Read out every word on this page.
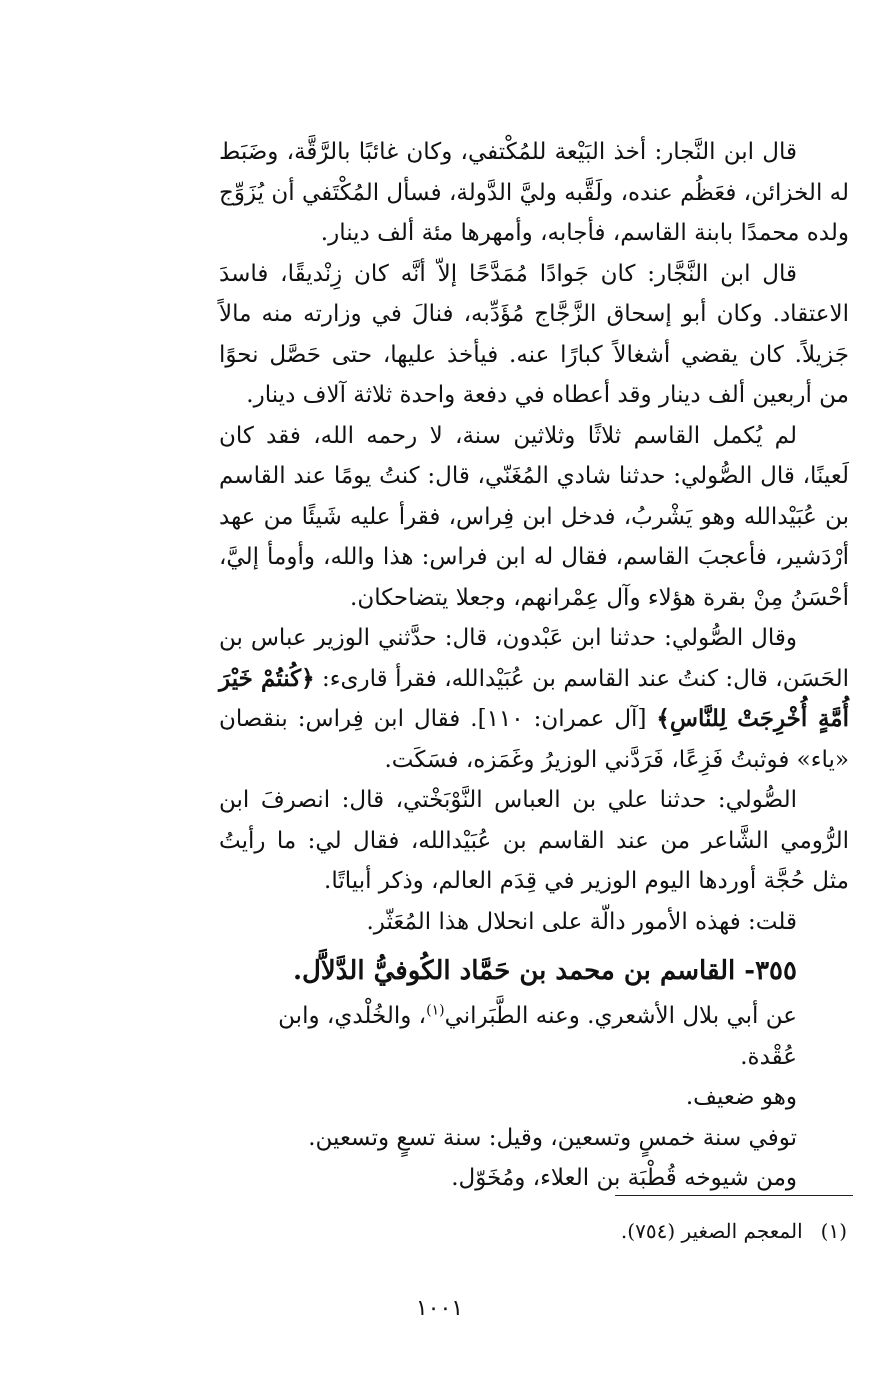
قال ابن النَّجار: أخذ البَيْعة للمُكْتفي، وكان غائبًا بالرَّقَّة، وضَبَط له الخزائن، فعَظُم عنده، ولَقَّبه وليَّ الدَّولة، فسأل المُكْتَفي أن يُزَوِّج ولده محمدًا بابنة القاسم، فأجابه، وأمهرها مئة ألف دينار.

قال ابن النَّجَّار: كان جَوادًا مُمَدَّحًا إلاّ أنَّه كان زِنْديقًا، فاسدَ الاعتقاد. وكان أبو إسحاق الزَّجَّاج مُؤَدِّبه، فنالَ في وزارته منه مالاً جَزيلاً. كان يقضي أشغالاً كبارًا عنه. فيأخذ عليها، حتى حَصَّل نحوًا من أربعين ألف دينار وقد أعطاه في دفعة واحدة ثلاثة آلاف دينار.

لم يُكمل القاسم ثلاثًا وثلاثين سنة، لا رحمه الله، فقد كان لَعينًا، قال الصُّولي: حدثنا شادي المُغَنّي، قال: كنتُ يومًا عند القاسم بن عُبَيْدالله وهو يَشْربُ، فدخل ابن فِراس، فقرأ عليه شَيئًا من عهد أرْدَشير، فأعجبَ القاسم، فقال له ابن فراس: هذا والله، وأومأ إليَّ، أحْسَنُ مِنْ بقرة هؤلاء وآل عِمْرانهم، وجعلا يتضاحكان.

وقال الصُّولي: حدثنا ابن عَبْدون، قال: حدَّثني الوزير عباس بن الحَسَن، قال: كنتُ عند القاسم بن عُبَيْدالله، فقرأ قارىء: ﴿كُنتُمْ خَيْرَ أُمَّةٍ أُخْرِجَتْ لِلنَّاسِ﴾ [آل عمران: ١١٠]. فقال ابن فِراس: بنقصان «ياء» فوثبتُ فَزِعًا، فَرَدَّني الوزيرُ وغَمَزه، فسَكَت.

الصُّولي: حدثنا علي بن العباس النَّوْبَخْتي، قال: انصرفَ ابن الرُّومي الشَّاعر من عند القاسم بن عُبَيْدالله، فقال لي: ما رأيتُ مثل حُجَّة أوردها اليوم الوزير في قِدَم العالم، وذكر أبياتًا.

قلت: فهذه الأمور دالّة على انحلال هذا المُعَثّر.

٣٥٥- القاسم بن محمد بن حَمَّاد الكُوفيُّ الدَّلاَّل.

عن أبي بلال الأشعري. وعنه الطَّبَراني$^{(١)}$، والخُلْدي، وابن عُقْدة.

وهو ضعيف.

توفي سنة خمسٍ وتسعين، وقيل: سنة تسعٍ وتسعين.

ومن شيوخه قُطْبَة بن العلاء، ومُخَوّل.

(١)المعجم الصغير (٧٥٤).
١٠٠١
